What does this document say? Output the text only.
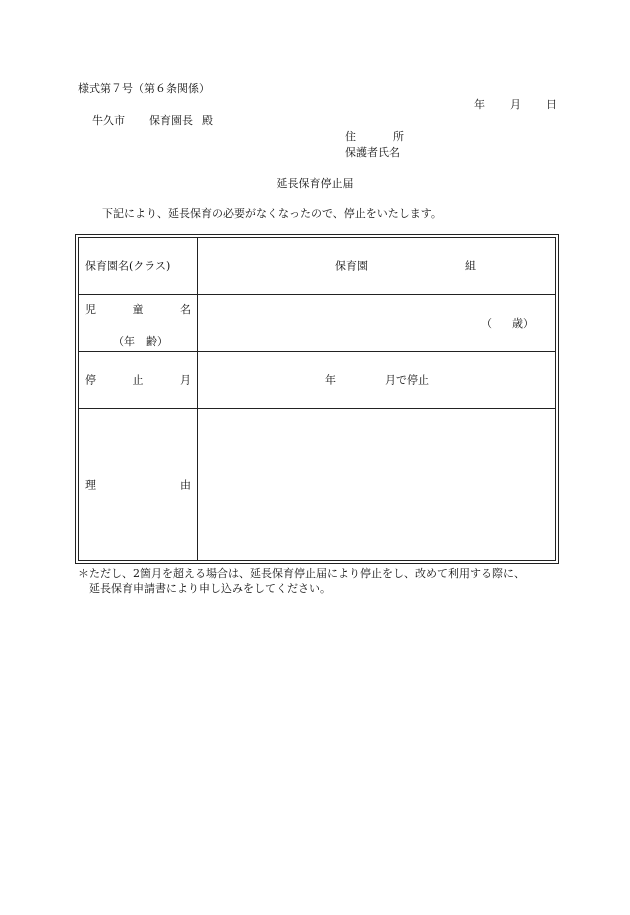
様式第７号（第６条関係）
年 月 日
牛久市 保育園長 殿
住	所
保護者氏名
延長保育停止届
下記により、延長保育の必要がなくなったので、停止をいたします。
保育園名(クラス)	保育園 組

児 童 名
（年　齢）	（ 歳）

停 止 月	年 月で停止

理 由	

＊ただし、2箇月を超える場合は、延長保育停止届により停止をし、改めて利用する際に、
延長保育申請書により申し込みをしてください。
